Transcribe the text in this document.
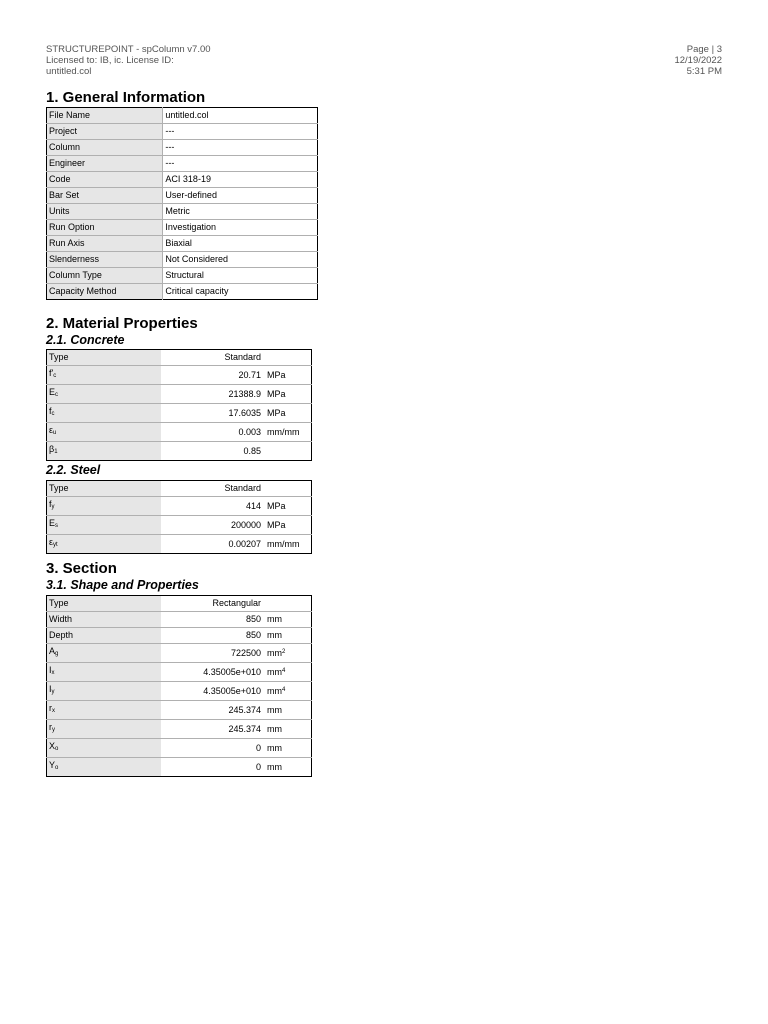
STRUCTUREPOINT - spColumn v7.00
Licensed to: IB, ic. License ID:
untitled.col
Page | 3
12/19/2022
5:31 PM
1. General Information
File Name	untitled.col
Project	---
Column	---
Engineer	---
Code	ACI 318-19
Bar Set	User-defined
Units	Metric
Run Option	Investigation
Run Axis	Biaxial
Slenderness	Not Considered
Column Type	Structural
Capacity Method	Critical capacity
2. Material Properties
2.1. Concrete
Type	Standard	
$f'_c$	20.71	MPa
$E_c$	21388.9	MPa
$f_c$	17.6035	MPa
$\varepsilon_u$	0.003	mm/mm
$\beta_1$	0.85	
2.2. Steel
Type	Standard	
$f_y$	414	MPa
$E_s$	200000	MPa
$\varepsilon_{yt}$	0.00207	mm/mm
3. Section
3.1. Shape and Properties
Type	Rectangular	
Width	850	mm
Depth	850	mm
$A_g$	722500	$mm^2$
$I_x$	4.35005e+010	$mm^4$
$I_y$	4.35005e+010	$mm^4$
$r_x$	245.374	mm
$r_y$	245.374	mm
$X_o$	0	mm
$Y_o$	0	mm
